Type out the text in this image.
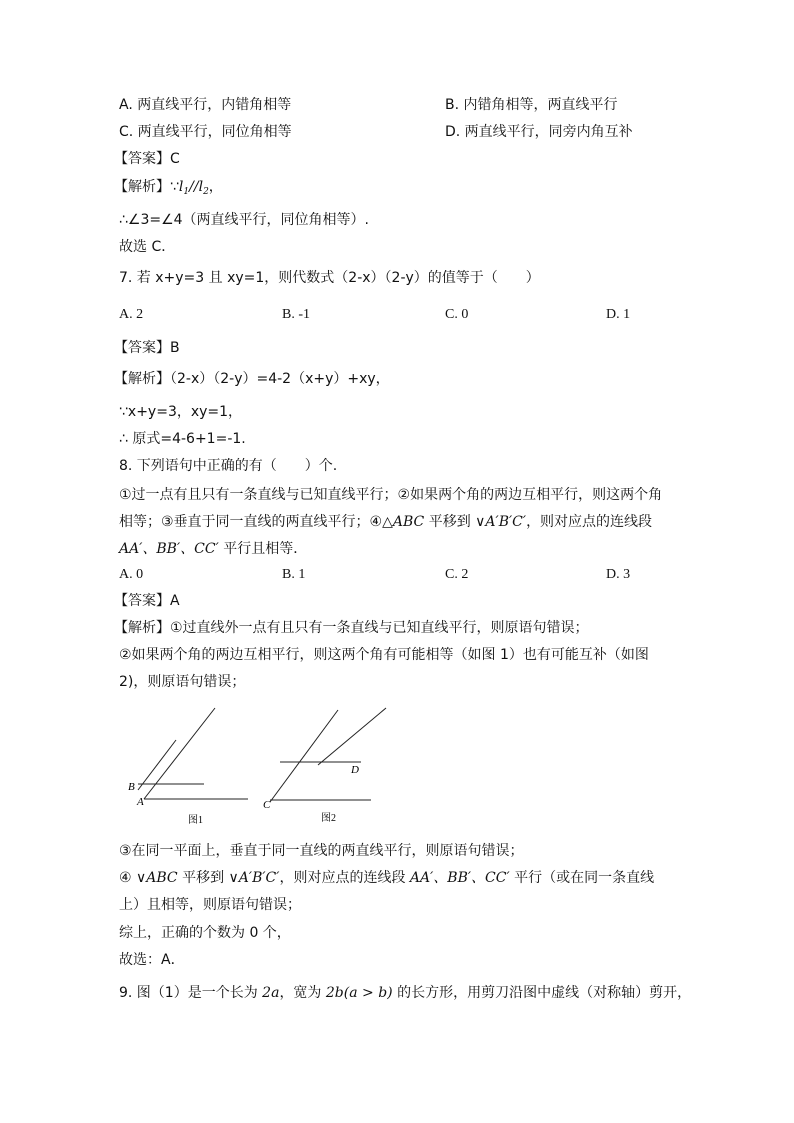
A. 两直线平行，内错角相等	B. 内错角相等，两直线平行
C. 两直线平行，同位角相等	D. 两直线平行，同旁内角互补
【答案】C
【解析】$\because l_1//l_2$，
∴∠3=∠4（两直线平行，同位角相等）.
故选 C．
7. 若 x+y=3 且 xy=1，则代数式（2-x）（2-y）的值等于（　　）
A. 2	B. -1	C. 0	D. 1
【答案】B
【解析】（2-x）（2-y）=4-2（x+y）+xy，
∵x+y=3，xy=1，
∴ 原式=4-6+1=-1.
8. 下列语句中正确的有（　　）个.
①过一点有且只有一条直线与已知直线平行；②如果两个角的两边互相平行，则这两个角
相等；③垂直于同一直线的两直线平行；④△ABC 平移到 ∨A′B′C′，则对应点的连线段
AA′、BB′、CC′ 平行且相等．
A. 0	B. 1	C. 2	D. 3
【答案】A
【解析】①过直线外一点有且只有一条直线与已知直线平行，则原语句错误；
②如果两个角的两边互相平行，则这两个角有可能相等（如图 1）也有可能互补（如图
2)，则原语句错误；
B
A
图1
C
D
图2
③在同一平面上，垂直于同一直线的两直线平行，则原语句错误；
④ ∨ABC 平移到 ∨A′B′C′，则对应点的连线段 AA′、BB′、CC′ 平行（或在同一条直线
上）且相等，则原语句错误；
综上，正确的个数为 0 个，
故选：A．
9. 图（1）是一个长为 2a，宽为 2b(a > b) 的长方形，用剪刀沿图中虚线（对称轴）剪开，
